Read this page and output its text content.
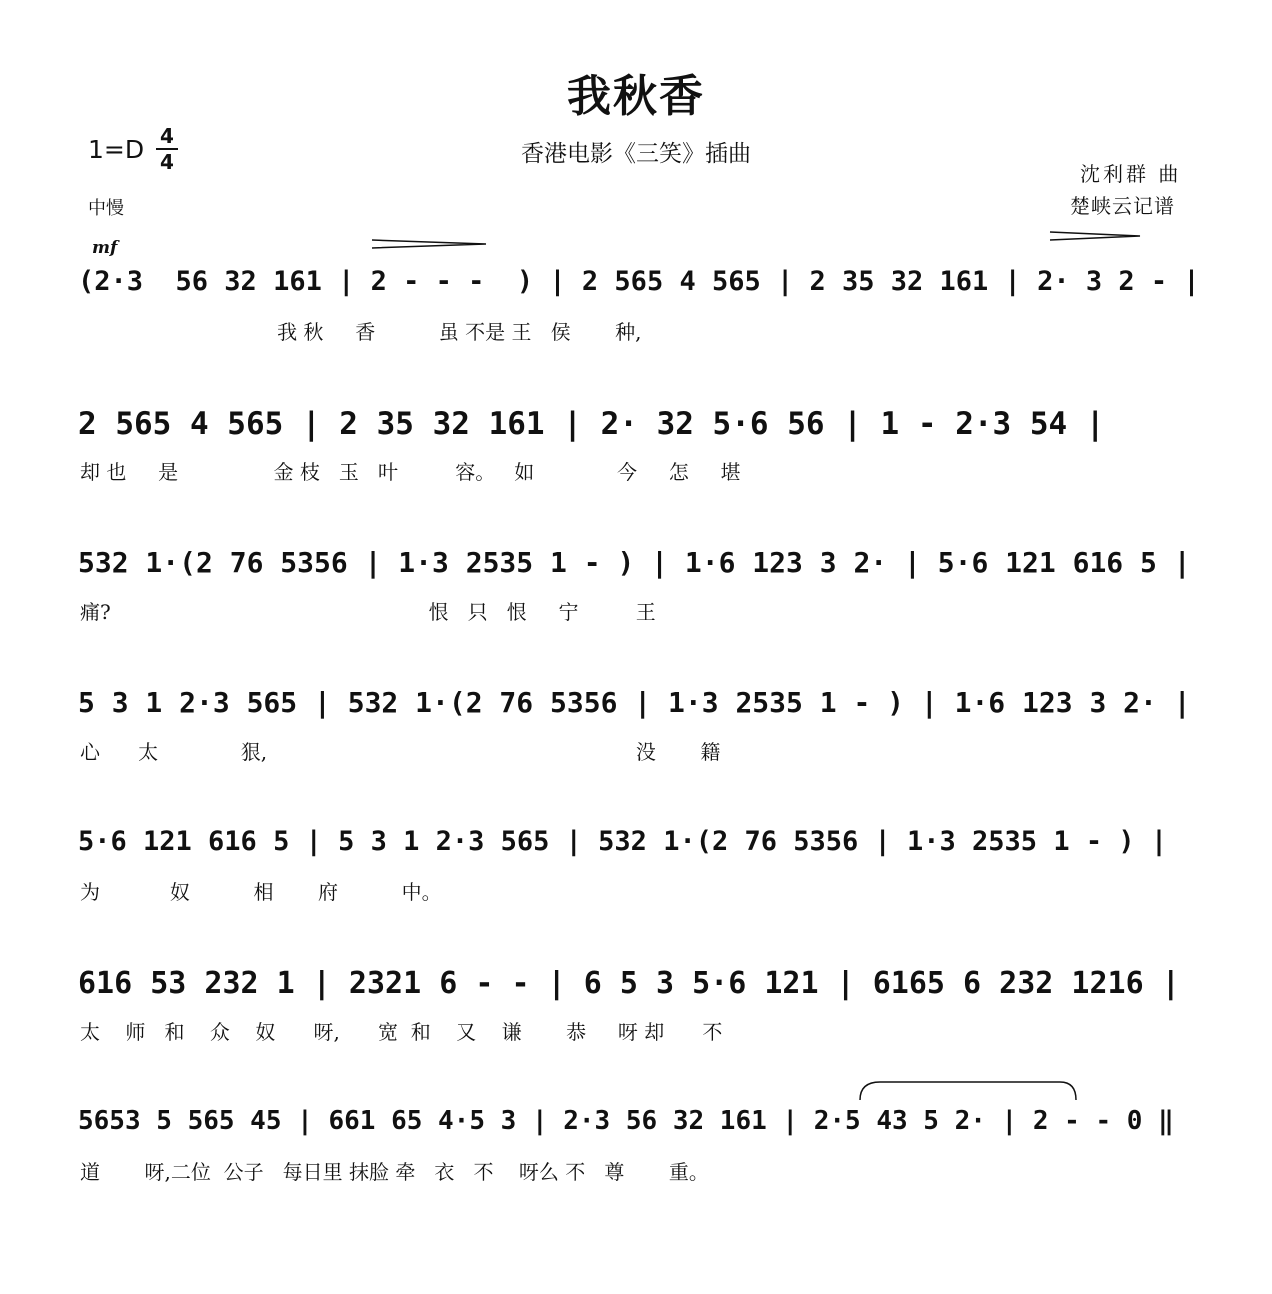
我秋香
香港电影《三笑》插曲
1=D 4
4
中慢
沈利群 曲
楚峡云记谱
mf
(2·3  56 32 161 | 2 - - -  ) | 2 565 4 565 | 2 35 32 161 | 2· 3 2 - |
我 秋     香          虽 不是 王   侯       种,
2 565 4 565 | 2 35 32 161 | 2· 32 5·6 56 | 1 - 2·3 54 |
却 也     是               金 枝   玉   叶         容。   如             今     怎     堪
532 1·(2 76 5356 | 1·3 2535 1 - ) | 1·6 123 3 2· | 5·6 121 616 5 |
痛?                                                  恨   只   恨     宁         王
5 3 1 2·3 565 | 532 1·(2 76 5356 | 1·3 2535 1 - ) | 1·6 123 3 2· |
心      太             狠,                                                          没       籍
5·6 121 616 5 | 5 3 1 2·3 565 | 532 1·(2 76 5356 | 1·3 2535 1 - ) |
为           奴          相       府          中。
616 53 232 1 | 2321 6 - - | 6 5 3 5·6 121 | 6165 6 232 1216 |
太    师   和    众    奴      呀,      宽  和    又    谦       恭     呀 却      不
5653 5 565 45 | 661 65 4·5 3 | 2·3 56 32 161 | 2·5 43 5 2· | 2 - - 0 ‖
道       呀,二位  公子   每日里 抹脸 牵   衣   不    呀么 不   尊       重。
